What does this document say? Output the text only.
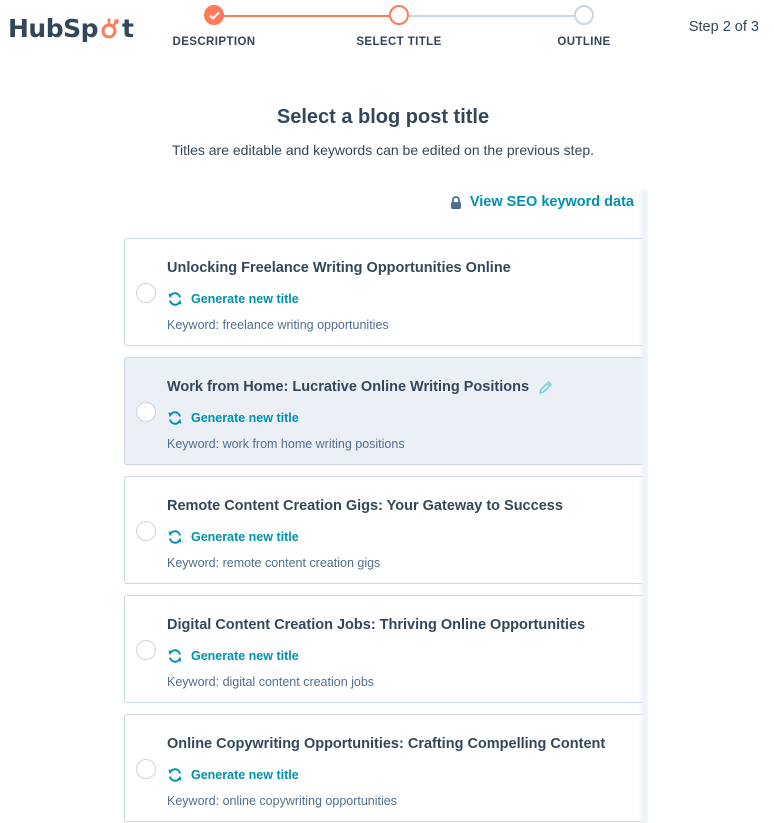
HubSp t	DESCRIPTION	SELECT TITLE	OUTLINE
Step 2 of 3
Select a blog post title

Titles are editable and keywords can be edited on the previous step.

View SEO keyword data
Unlocking Freelance Writing Opportunities Online
Generate new title
Keyword: freelance writing opportunities
Work from Home: Lucrative Online Writing Positions
Generate new title
Keyword: work from home writing positions
Remote Content Creation Gigs: Your Gateway to Success
Generate new title
Keyword: remote content creation gigs
Digital Content Creation Jobs: Thriving Online Opportunities
Generate new title
Keyword: digital content creation jobs
Online Copywriting Opportunities: Crafting Compelling Content
Generate new title
Keyword: online copywriting opportunities
